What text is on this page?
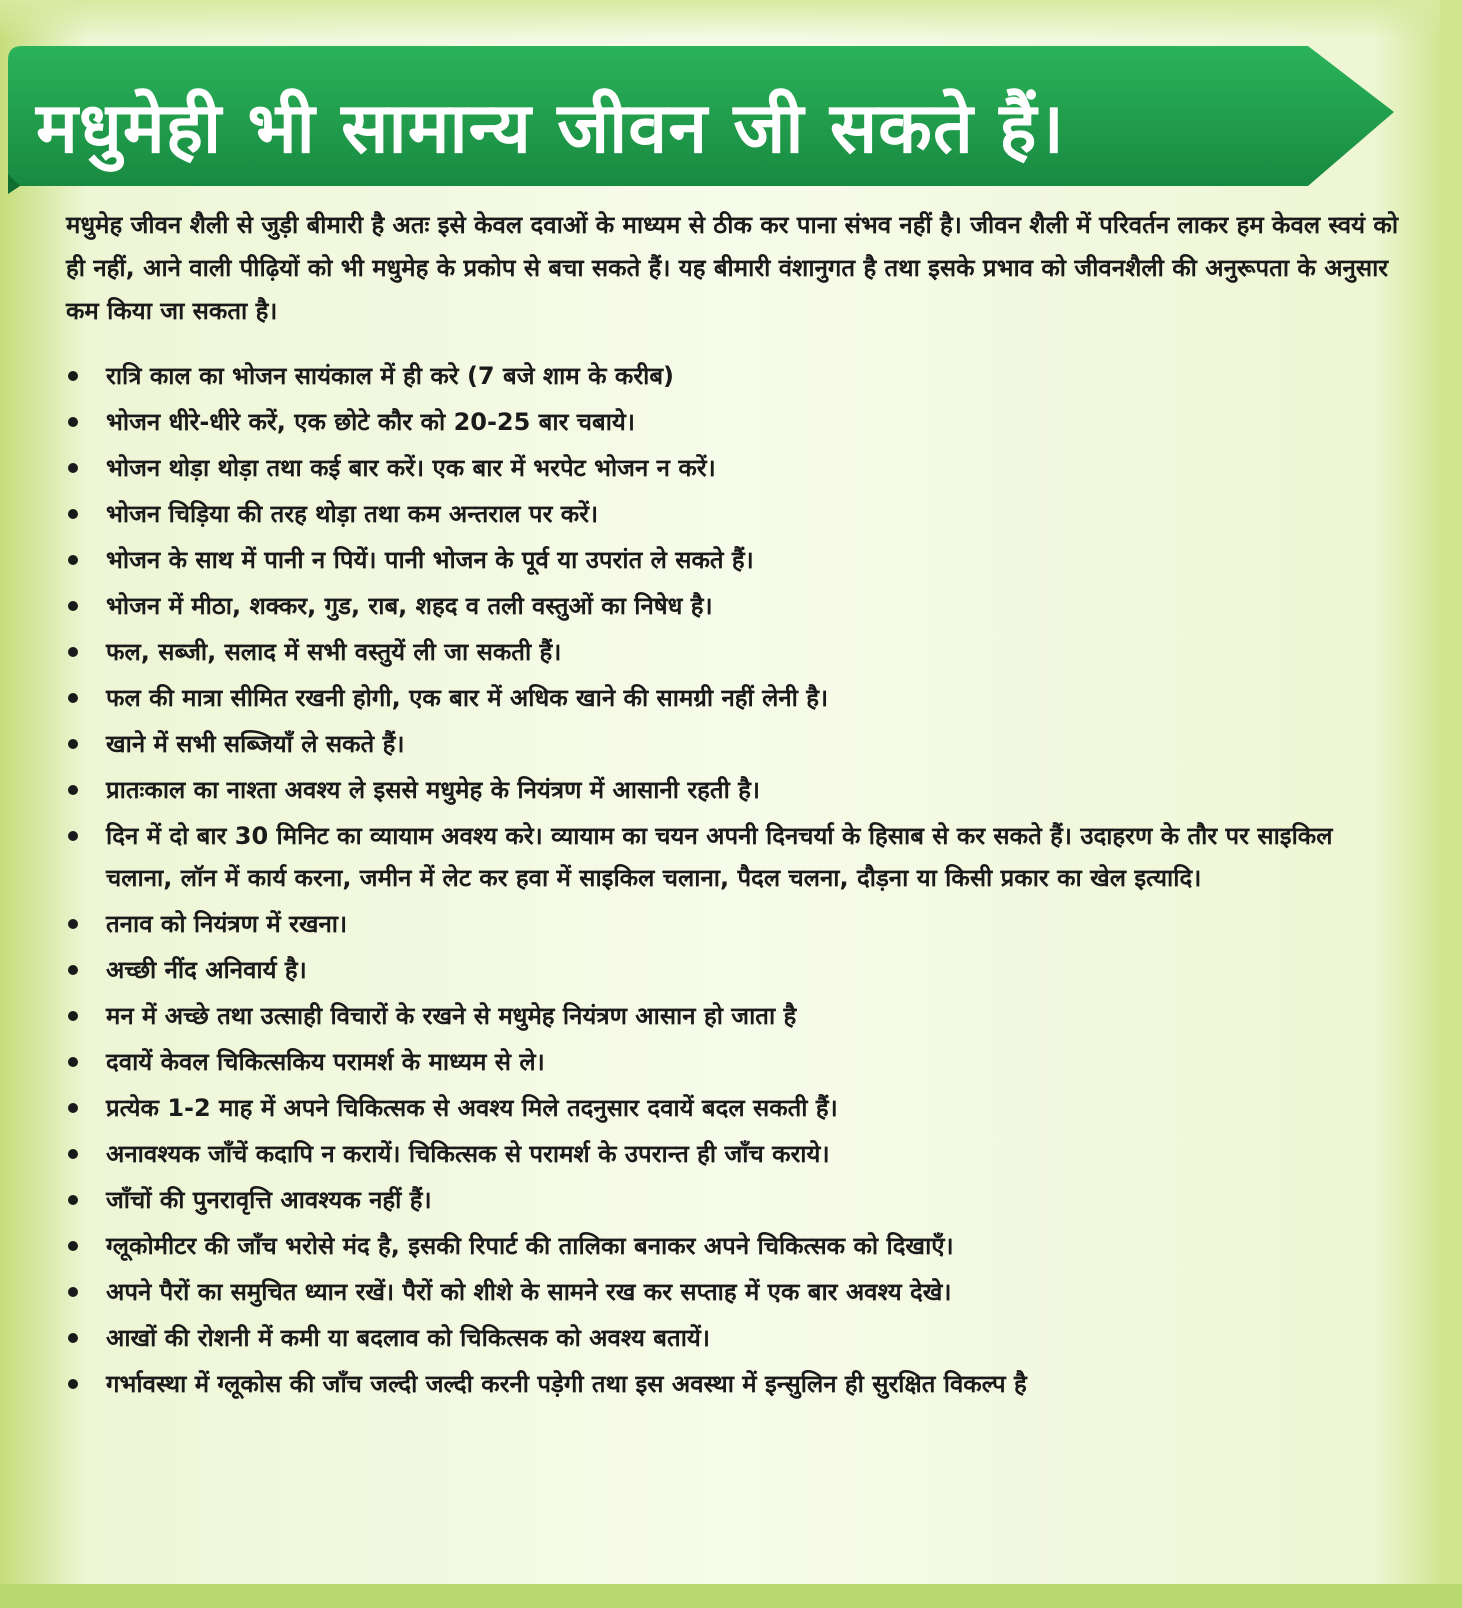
मधुमेही भी सामान्य जीवन जी सकते हैं।

मधुमेह जीवन शैली से जुड़ी बीमारी है अतः इसे केवल दवाओं के माध्यम से ठीक कर पाना संभव नहीं है। जीवन शैली में परिवर्तन लाकर हम केवल स्वयं को ही नहीं, आने वाली पीढ़ियों को भी मधुमेह के प्रकोप से बचा सकते हैं। यह बीमारी वंशानुगत है तथा इसके प्रभाव को जीवनशैली की अनुरूपता के अनुसार कम किया जा सकता है।

रात्रि काल का भोजन सायंकाल में ही करे (7 बजे शाम के करीब)
भोजन धीरे-धीरे करें, एक छोटे कौर को 20-25 बार चबाये।
भोजन थोड़ा थोड़ा तथा कई बार करें। एक बार में भरपेट भोजन न करें।
भोजन चिड़िया की तरह थोड़ा तथा कम अन्तराल पर करें।
भोजन के साथ में पानी न पियें। पानी भोजन के पूर्व या उपरांत ले सकते हैं।
भोजन में मीठा, शक्कर, गुड, राब, शहद व तली वस्तुओं का निषेध है।
फल, सब्जी, सलाद में सभी वस्तुयें ली जा सकती हैं।
फल की मात्रा सीमित रखनी होगी, एक बार में अधिक खाने की सामग्री नहीं लेनी है।
खाने में सभी सब्जियाँ ले सकते हैं।
प्रातःकाल का नाश्ता अवश्य ले इससे मधुमेह के नियंत्रण में आसानी रहती है।
दिन में दो बार 30 मिनिट का व्यायाम अवश्य करे। व्यायाम का चयन अपनी दिनचर्या के हिसाब से कर सकते हैं। उदाहरण के तौर पर साइकिल चलाना, लॉन में कार्य करना, जमीन में लेट कर हवा में साइकिल चलाना, पैदल चलना, दौड़ना या किसी प्रकार का खेल इत्यादि।
तनाव को नियंत्रण में रखना।
अच्छी नींद अनिवार्य है।
मन में अच्छे तथा उत्साही विचारों के रखने से मधुमेह नियंत्रण आसान हो जाता है
दवायें केवल चिकित्सकिय परामर्श के माध्यम से ले।
प्रत्येक 1-2 माह में अपने चिकित्सक से अवश्य मिले तदनुसार दवायें बदल सकती हैं।
अनावश्यक जाँचें कदापि न करायें। चिकित्सक से परामर्श के उपरान्त ही जाँच कराये।
जाँचों की पुनरावृत्ति आवश्यक नहीं हैं।
ग्लूकोमीटर की जाँच भरोसे मंद है, इसकी रिपार्ट की तालिका बनाकर अपने चिकित्सक को दिखाएँ।
अपने पैरों का समुचित ध्यान रखें। पैरों को शीशे के सामने रख कर सप्ताह में एक बार अवश्य देखे।
आखों की रोशनी में कमी या बदलाव को चिकित्सक को अवश्य बतायें।
गर्भावस्था में ग्लूकोस की जाँच जल्दी जल्दी करनी पड़ेगी तथा इस अवस्था में इन्सुलिन ही सुरक्षित विकल्प है
